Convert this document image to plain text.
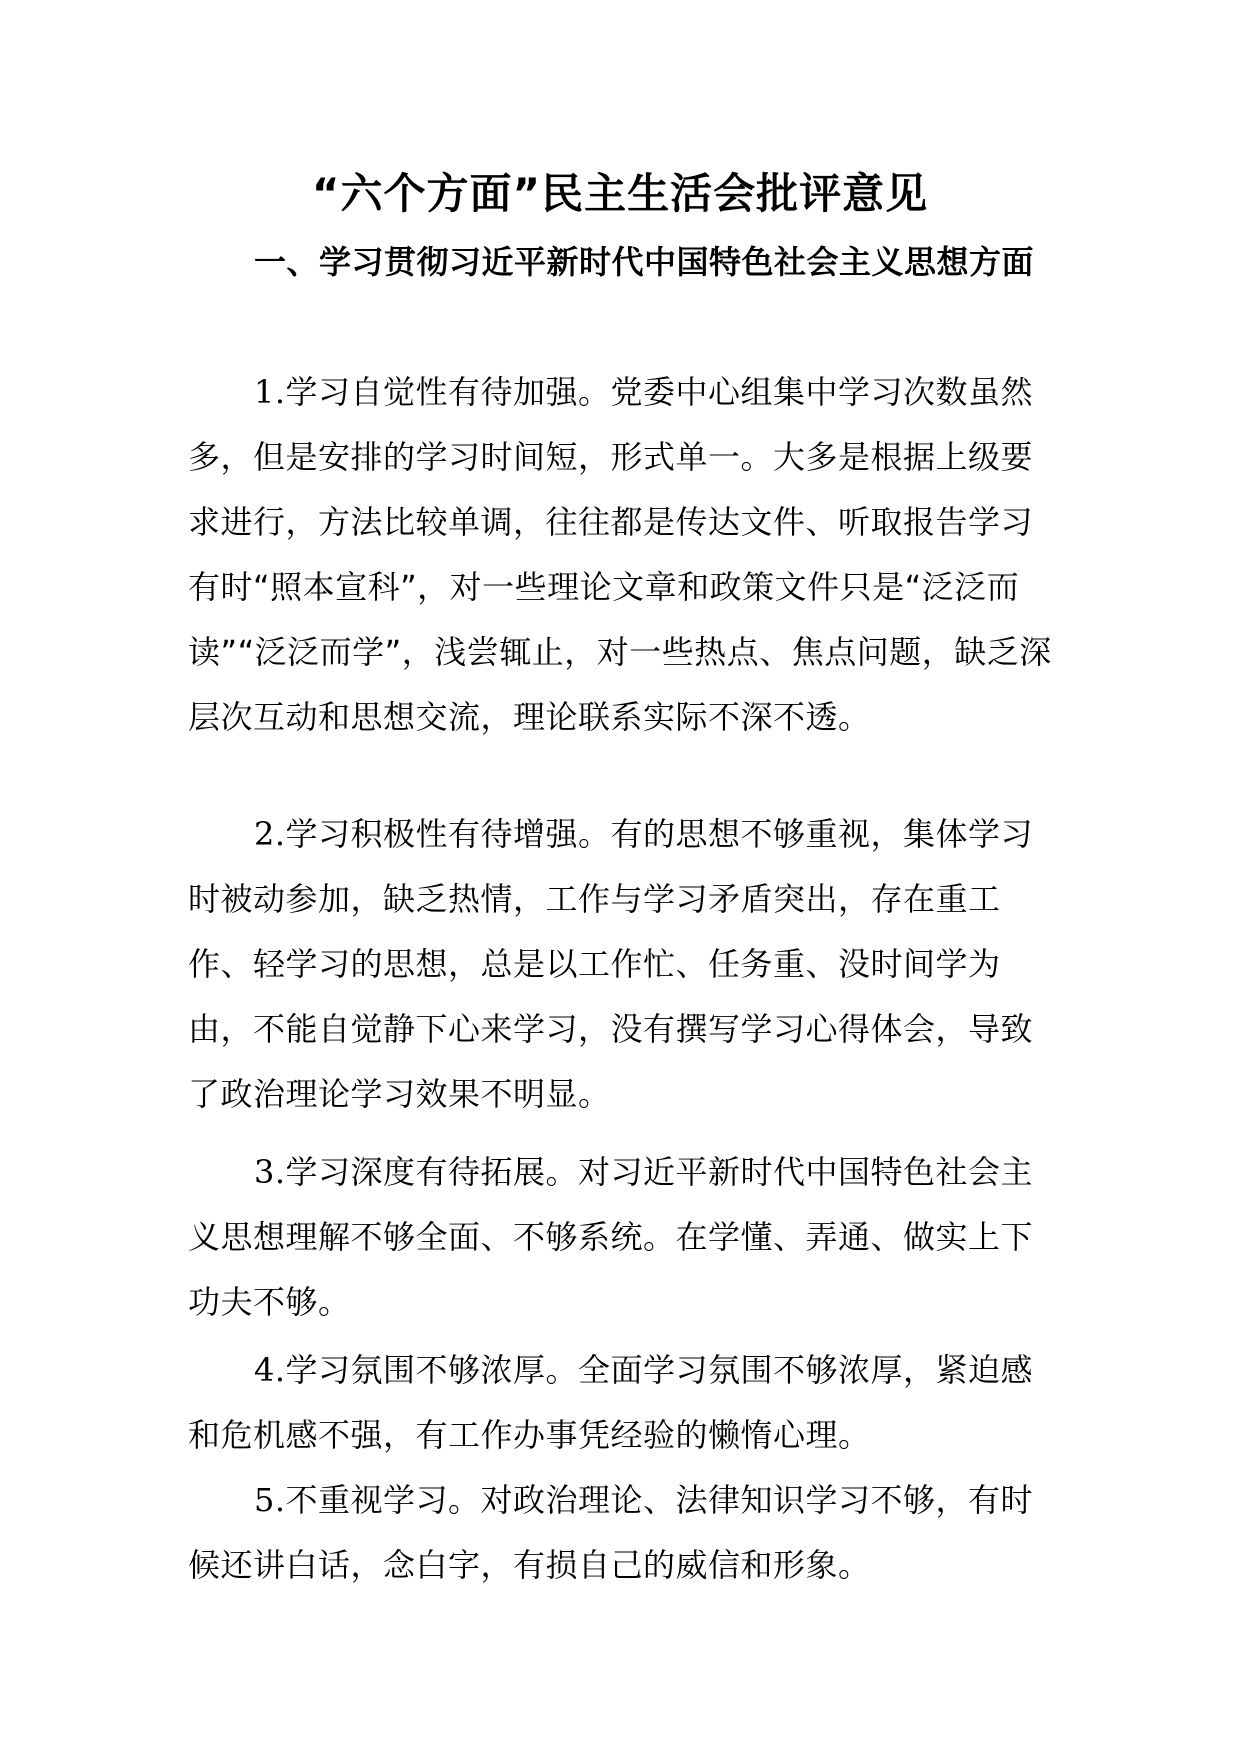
“六个方面”民主生活会批评意见
一、学习贯彻习近平新时代中国特色社会主义思想方面
1.学习自觉性有待加强。党委中心组集中学习次数虽然多，但是安排的学习时间短，形式单一。大多是根据上级要求进行，方法比较单调，往往都是传达文件、听取报告学习有时“照本宣科”，对一些理论文章和政策文件只是“泛泛而读”“泛泛而学”，浅尝辄止，对一些热点、焦点问题，缺乏深层次互动和思想交流，理论联系实际不深不透。
2.学习积极性有待增强。有的思想不够重视，集体学习时被动参加，缺乏热情，工作与学习矛盾突出，存在重工作、轻学习的思想，总是以工作忙、任务重、没时间学为由，不能自觉静下心来学习，没有撰写学习心得体会，导致了政治理论学习效果不明显。
3.学习深度有待拓展。对习近平新时代中国特色社会主义思想理解不够全面、不够系统。在学懂、弄通、做实上下功夫不够。
4.学习氛围不够浓厚。全面学习氛围不够浓厚，紧迫感和危机感不强，有工作办事凭经验的懒惰心理。
5.不重视学习。对政治理论、法律知识学习不够，有时候还讲白话，念白字，有损自己的威信和形象。
